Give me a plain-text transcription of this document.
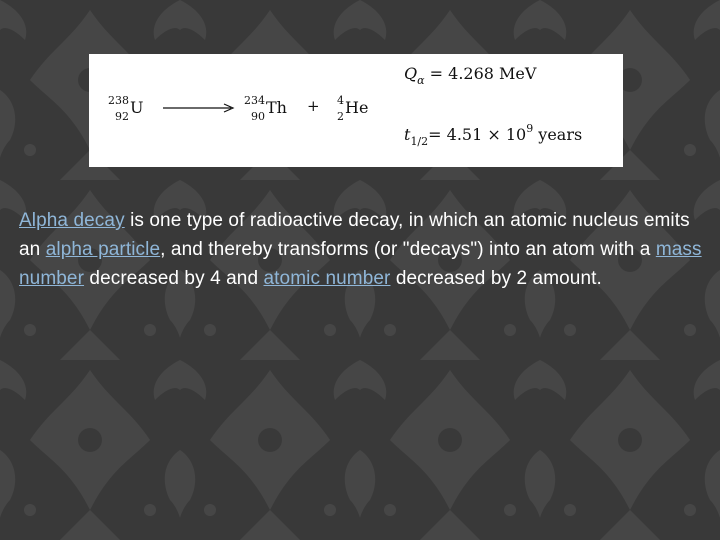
238
92 U	234
90 Th + 4
2 He
$Q_\alpha = 4.268$ MeV
$t_{1/2}= 4.51 \times 10^9$ years
Alpha decay is one type of radioactive decay, in which an atomic nucleus emits an alpha particle, and thereby transforms (or "decays") into an atom with a mass number decreased by 4 and atomic number decreased by 2 amount.
